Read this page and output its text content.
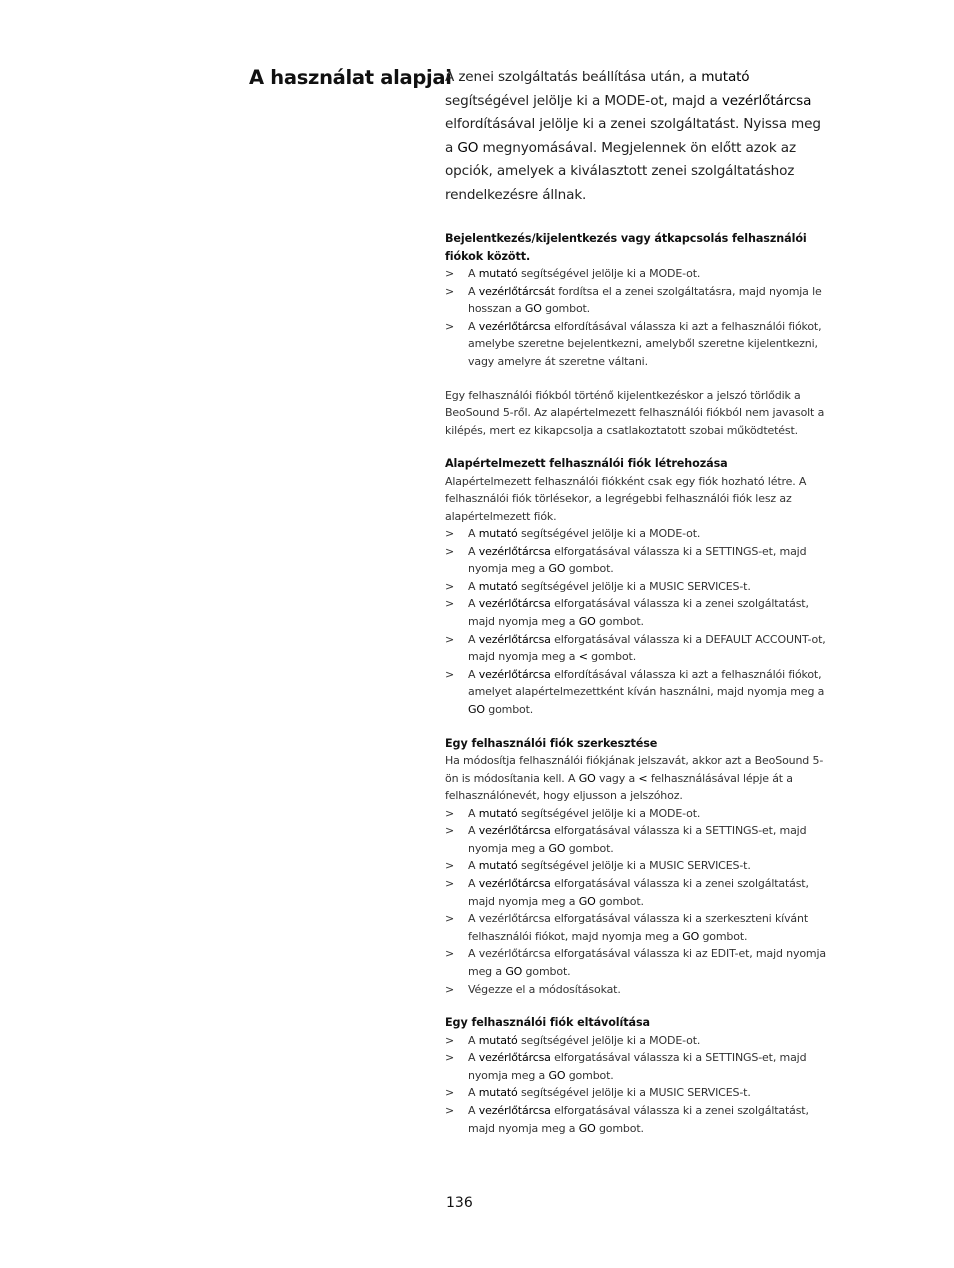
A használat alapjai

A zenei szolgáltatás beállítása után, a mutató segítségével jelölje ki a MODE-ot, majd a vezérlőtárcsa elfordításával jelölje ki a zenei szolgáltatást. Nyissa meg a GO megnyomásával. Megjelennek ön előtt azok az opciók, amelyek a kiválasztott zenei szolgáltatáshoz rendelkezésre állnak.

Bejelentkezés/kijelentkezés vagy átkapcsolás felhasználói fiókok között.

>	A mutató segítségével jelölje ki a MODE-ot.
>	A vezérlőtárcsát fordítsa el a zenei szolgáltatásra, majd nyomja le hosszan a GO gombot.
>	A vezérlőtárcsa elfordításával válassza ki azt a felhasználói fiókot, amelybe szeretne bejelentkezni, amelyből szeretne kijelentkezni, vagy amelyre át szeretne váltani.

Egy felhasználói fiókból történő kijelentkezéskor a jelszó törlődik a BeoSound 5-ről. Az alapértelmezett felhasználói fiókból nem javasolt a kilépés, mert ez kikapcsolja a csatlakoztatott szobai működtetést.

Alapértelmezett felhasználói fiók létrehozása

Alapértelmezett felhasználói fiókként csak egy fiók hozható létre. A felhasználói fiók törlésekor, a legrégebbi felhasználói fiók lesz az alapértelmezett fiók.

>	A mutató segítségével jelölje ki a MODE-ot.
>	A vezérlőtárcsa elforgatásával válassza ki a SETTINGS-et, majd nyomja meg a GO gombot.
>	A mutató segítségével jelölje ki a MUSIC SERVICES-t.
>	A vezérlőtárcsa elforgatásával válassza ki a zenei szolgáltatást, majd nyomja meg a GO gombot.
>	A vezérlőtárcsa elforgatásával válassza ki a DEFAULT ACCOUNT-ot, majd nyomja meg a < gombot.
>	A vezérlőtárcsa elfordításával válassza ki azt a felhasználói fiókot, amelyet alapértelmezettként kíván használni, majd nyomja meg a GO gombot.

Egy felhasználói fiók szerkesztése

Ha módosítja felhasználói fiókjának jelszavát, akkor azt a BeoSound 5-ön is módosítania kell. A GO vagy a < felhasználásával lépje át a felhasználónevét, hogy eljusson a jelszóhoz.

>	A mutató segítségével jelölje ki a MODE-ot.
>	A vezérlőtárcsa elforgatásával válassza ki a SETTINGS-et, majd nyomja meg a GO gombot.
>	A mutató segítségével jelölje ki a MUSIC SERVICES-t.
>	A vezérlőtárcsa elforgatásával válassza ki a zenei szolgáltatást, majd nyomja meg a GO gombot.
>	A vezérlőtárcsa elforgatásával válassza ki a szerkeszteni kívánt felhasználói fiókot, majd nyomja meg a GO gombot.
>	A vezérlőtárcsa elforgatásával válassza ki az EDIT-et, majd nyomja meg a GO gombot.
>	Végezze el a módosításokat.

Egy felhasználói fiók eltávolítása

>	A mutató segítségével jelölje ki a MODE-ot.
>	A vezérlőtárcsa elforgatásával válassza ki a SETTINGS-et, majd nyomja meg a GO gombot.
>	A mutató segítségével jelölje ki a MUSIC SERVICES-t.
>	A vezérlőtárcsa elforgatásával válassza ki a zenei szolgáltatást, majd nyomja meg a GO gombot.
136
